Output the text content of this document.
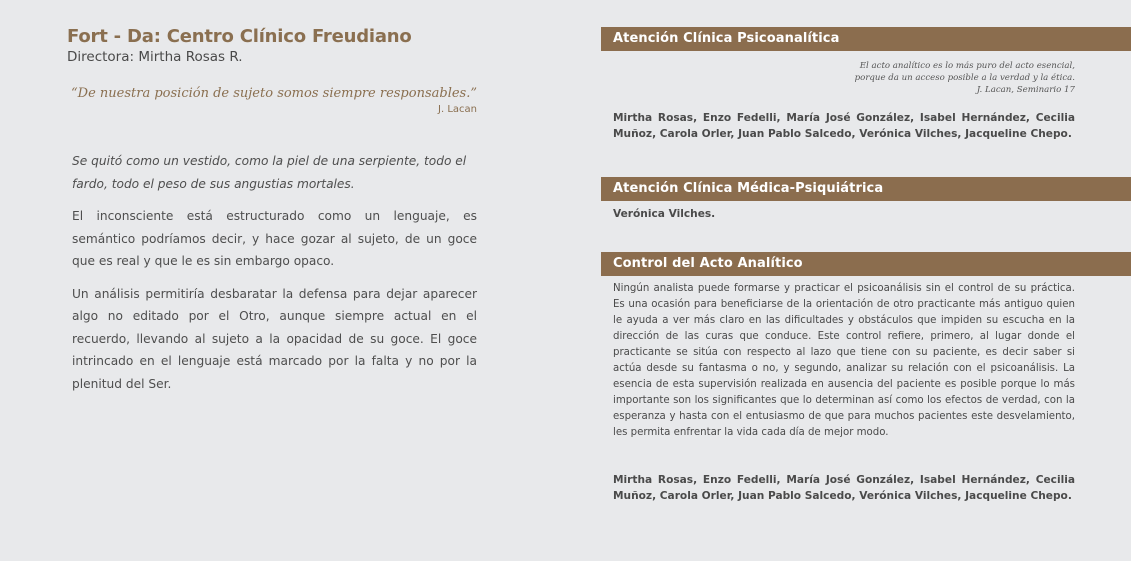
Fort - Da: Centro Clínico Freudiano
Directora: Mirtha Rosas R.
“De nuestra posición de sujeto somos siempre responsables.”
J. Lacan

Se quitó como un vestido, como la piel de una serpiente, todo el fardo, todo el peso de sus angustias mortales.

El inconsciente está estructurado como un lenguaje, es semántico podríamos decir, y hace gozar al sujeto, de un goce que es real y que le es sin embargo opaco.

Un análisis permitiría desbaratar la defensa para dejar aparecer algo no editado por el Otro, aunque siempre actual en el recuerdo, llevando al sujeto a la opacidad de su goce. El goce intrincado en el lenguaje está marcado por la falta y no por la plenitud del Ser.

Atención Clínica Psicoanalítica
El acto analítico es lo más puro del acto esencial,
porque da un acceso posible a la verdad y la ética.
J. Lacan, Seminario 17
Mirtha Rosas, Enzo Fedelli, María José González, Isabel Hernández, Cecilia Muñoz, Carola Orler, Juan Pablo Salcedo, Verónica Vilches, Jacqueline Chepo.
Atención Clínica Médica-Psiquiátrica
Verónica Vilches.
Control del Acto Analítico
Ningún analista puede formarse y practicar el psicoanálisis sin el control de su práctica. Es una ocasión para beneficiarse de la orientación de otro practicante más antiguo quien le ayuda a ver más claro en las dificultades y obstáculos que impiden su escucha en la dirección de las curas que conduce. Este control refiere, primero, al lugar donde el practicante se sitúa con respecto al lazo que tiene con su paciente, es decir saber si actúa desde su fantasma o no, y segundo, analizar su relación con el psicoanálisis. La esencia de esta supervisión realizada en ausencia del paciente es posible porque lo más importante son los significantes que lo determinan así como los efectos de verdad, con la esperanza y hasta con el entusiasmo de que para muchos pacientes este desvelamiento, les permita enfrentar la vida cada día de mejor modo.
Mirtha Rosas, Enzo Fedelli, María José González, Isabel Hernández, Cecilia Muñoz, Carola Orler, Juan Pablo Salcedo, Verónica Vilches, Jacqueline Chepo.
